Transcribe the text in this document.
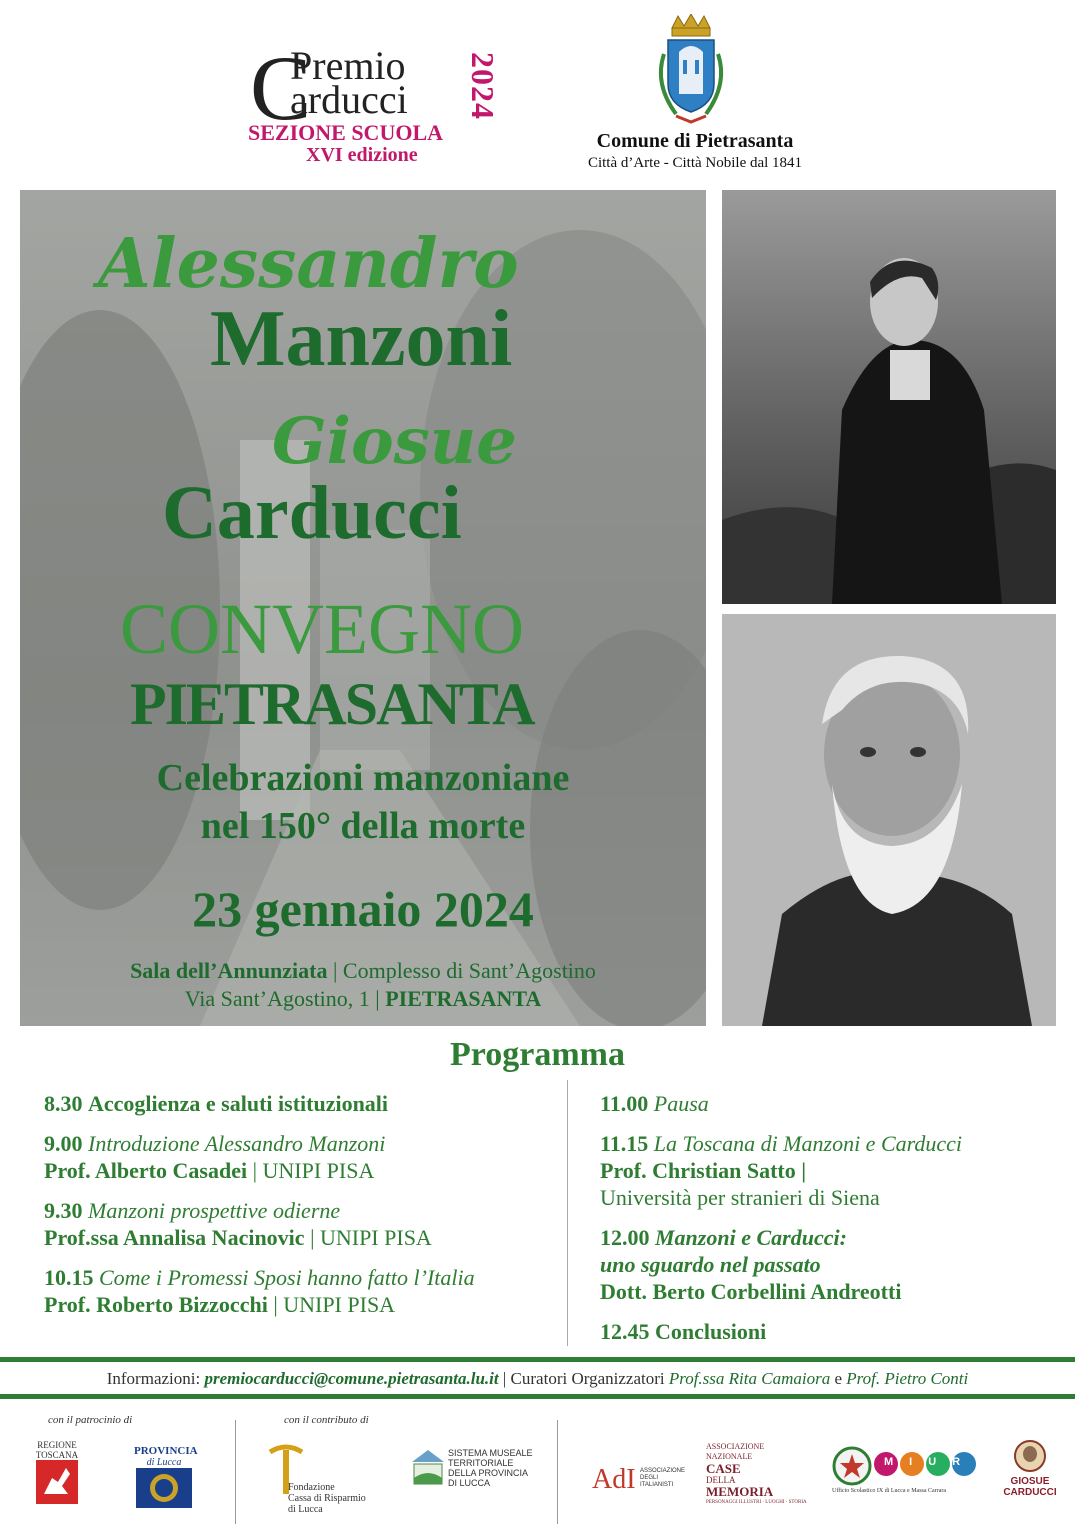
C
Premio
arducci 2024
SEZIONE SCUOLA
XVI edizione
Comune di Pietrasanta
Città d’Arte - Città Nobile dal 1841
Alessandro
Manzoni
Giosue
Carducci
CONVEGNO
PIETRASANTA
Celebrazioni manzoniane
nel 150° della morte
23 gennaio 2024
Sala dell’Annunziata | Complesso di Sant’Agostino
Via Sant’Agostino, 1 | PIETRASANTA
Programma
8.30 Accoglienza e saluti istituzionali
9.00 Introduzione Alessandro Manzoni
Prof. Alberto Casadei | UNIPI PISA
9.30 Manzoni prospettive odierne
Prof.ssa Annalisa Nacinovic | UNIPI PISA
10.15 Come i Promessi Sposi hanno fatto l’Italia
Prof. Roberto Bizzocchi | UNIPI PISA
11.00 Pausa
11.15 La Toscana di Manzoni e Carducci
Prof. Christian Satto |
Università per stranieri di Siena
12.00 Manzoni e Carducci:
uno sguardo nel passato
Dott. Berto Corbellini Andreotti
12.45 Conclusioni
Informazioni: premiocarducci@comune.pietrasanta.lu.it | Curatori Organizzatori Prof.ssa Rita Camaiora e Prof. Pietro Conti
con il patrocinio di	con il contributo di
REGIONE
TOSCANA	PROVINCIA
di Lucca
Fondazione
Cassa di Risparmio
di Lucca
SISTEMA MUSEALE
TERRITORIALE
DELLA PROVINCIA
DI LUCCA	AdI ASSOCIAZIONE
DEGLI
ITALIANISTI
ASSOCIAZIONE
NAZIONALE
CASE
DELLA
MEMORIA
PERSONAGGI ILLUSTRI · LUOGHI · STORIA
MIUR
Ufficio Scolastico IX di Lucca e Massa Carrara
GIOSUE
CARDUCCI
